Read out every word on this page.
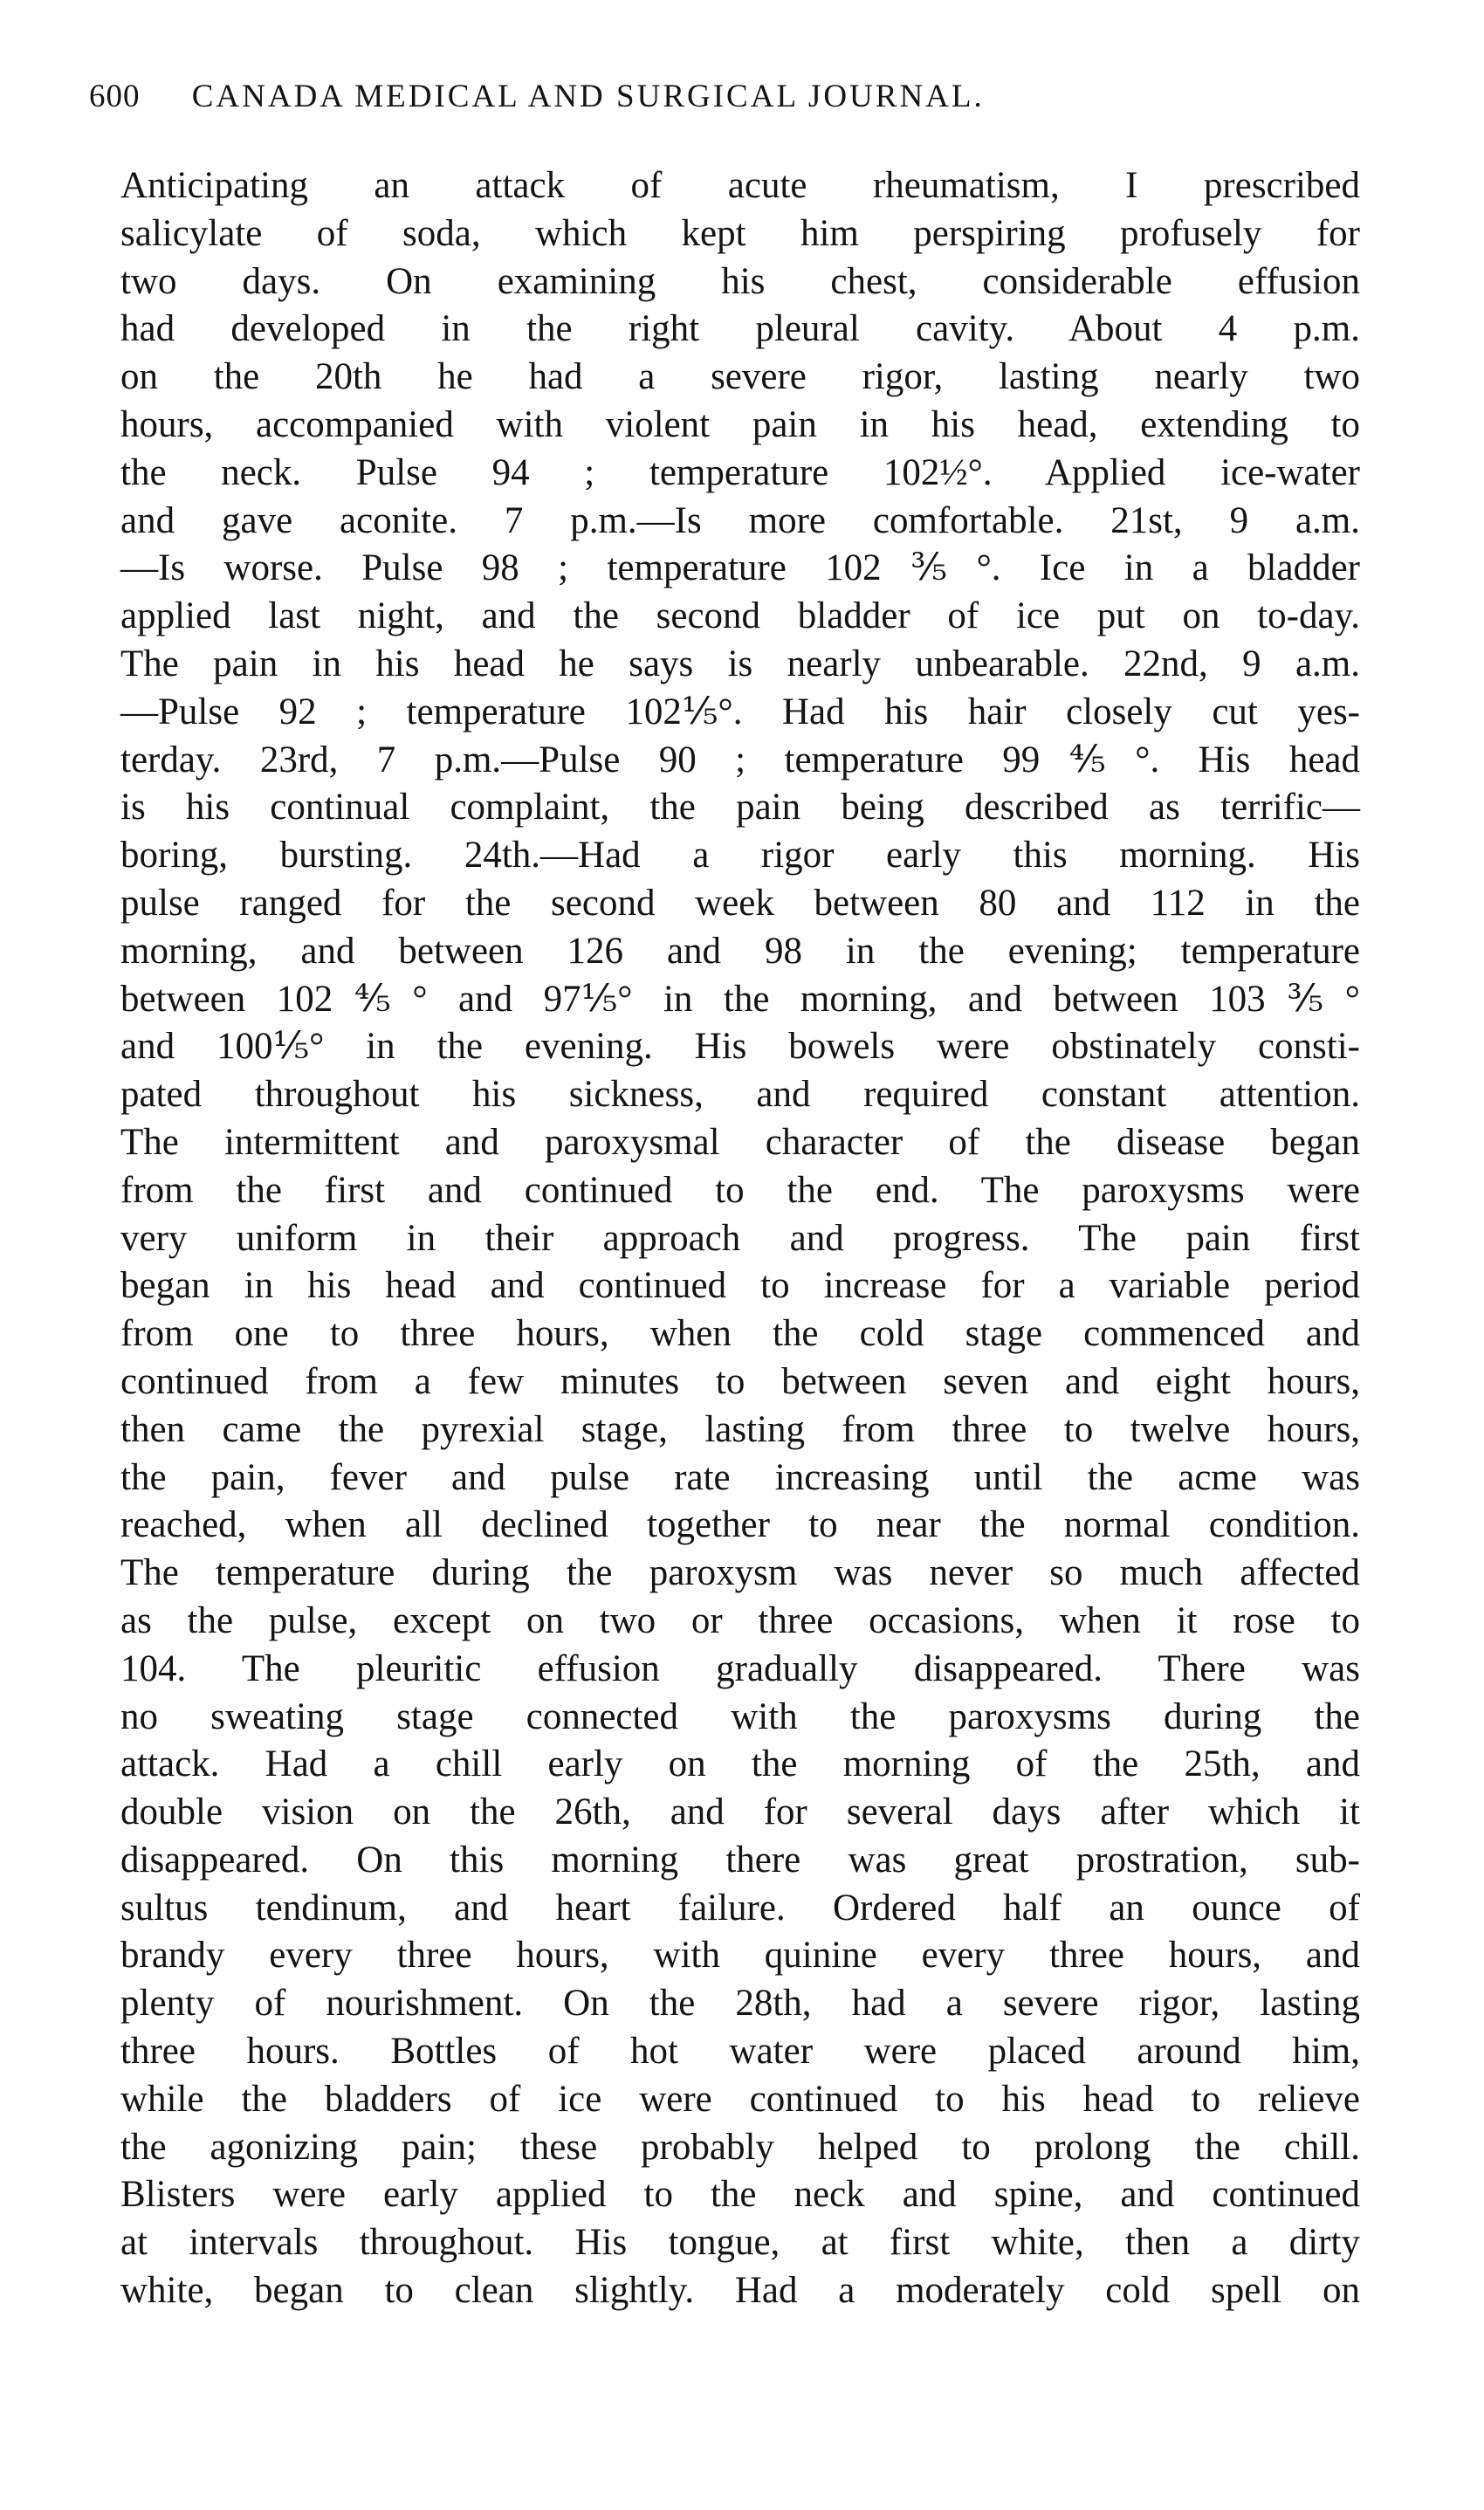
600 CANADA MEDICAL AND SURGICAL JOURNAL.
Anticipating an attack of acute rheumatism, I prescribed
salicylate of soda, which kept him perspiring profusely for
two days. On examining his chest, considerable effusion
had developed in the right pleural cavity. About 4 p.m.
on the 20th he had a severe rigor, lasting nearly two
hours, accompanied with violent pain in his head, extending to
the neck. Pulse 94 ; temperature 102½°. Applied ice-water
and gave aconite. 7 p.m.—Is more comfortable. 21st, 9 a.m.
—Is worse. Pulse 98 ; temperature 102⅗°. Ice in a bladder
applied last night, and the second bladder of ice put on to-day.
The pain in his head he says is nearly unbearable. 22nd, 9 a.m.
—Pulse 92 ; temperature 102⅕°. Had his hair closely cut yes-
terday. 23rd, 7 p.m.—Pulse 90 ; temperature 99⅘°. His head
is his continual complaint, the pain being described as terrific—
boring, bursting. 24th.—Had a rigor early this morning. His
pulse ranged for the second week between 80 and 112 in the
morning, and between 126 and 98 in the evening; temperature
between 102⅘° and 97⅕° in the morning, and between 103⅗°
and 100⅕° in the evening. His bowels were obstinately consti-
pated throughout his sickness, and required constant attention.
The intermittent and paroxysmal character of the disease began
from the first and continued to the end. The paroxysms were
very uniform in their approach and progress. The pain first
began in his head and continued to increase for a variable period
from one to three hours, when the cold stage commenced and
continued from a few minutes to between seven and eight hours,
then came the pyrexial stage, lasting from three to twelve hours,
the pain, fever and pulse rate increasing until the acme was
reached, when all declined together to near the normal condition.
The temperature during the paroxysm was never so much affected
as the pulse, except on two or three occasions, when it rose to
104. The pleuritic effusion gradually disappeared. There was
no sweating stage connected with the paroxysms during the
attack. Had a chill early on the morning of the 25th, and
double vision on the 26th, and for several days after which it
disappeared. On this morning there was great prostration, sub-
sultus tendinum, and heart failure. Ordered half an ounce of
brandy every three hours, with quinine every three hours, and
plenty of nourishment. On the 28th, had a severe rigor, lasting
three hours. Bottles of hot water were placed around him,
while the bladders of ice were continued to his head to relieve
the agonizing pain; these probably helped to prolong the chill.
Blisters were early applied to the neck and spine, and continued
at intervals throughout. His tongue, at first white, then a dirty
white, began to clean slightly. Had a moderately cold spell on
